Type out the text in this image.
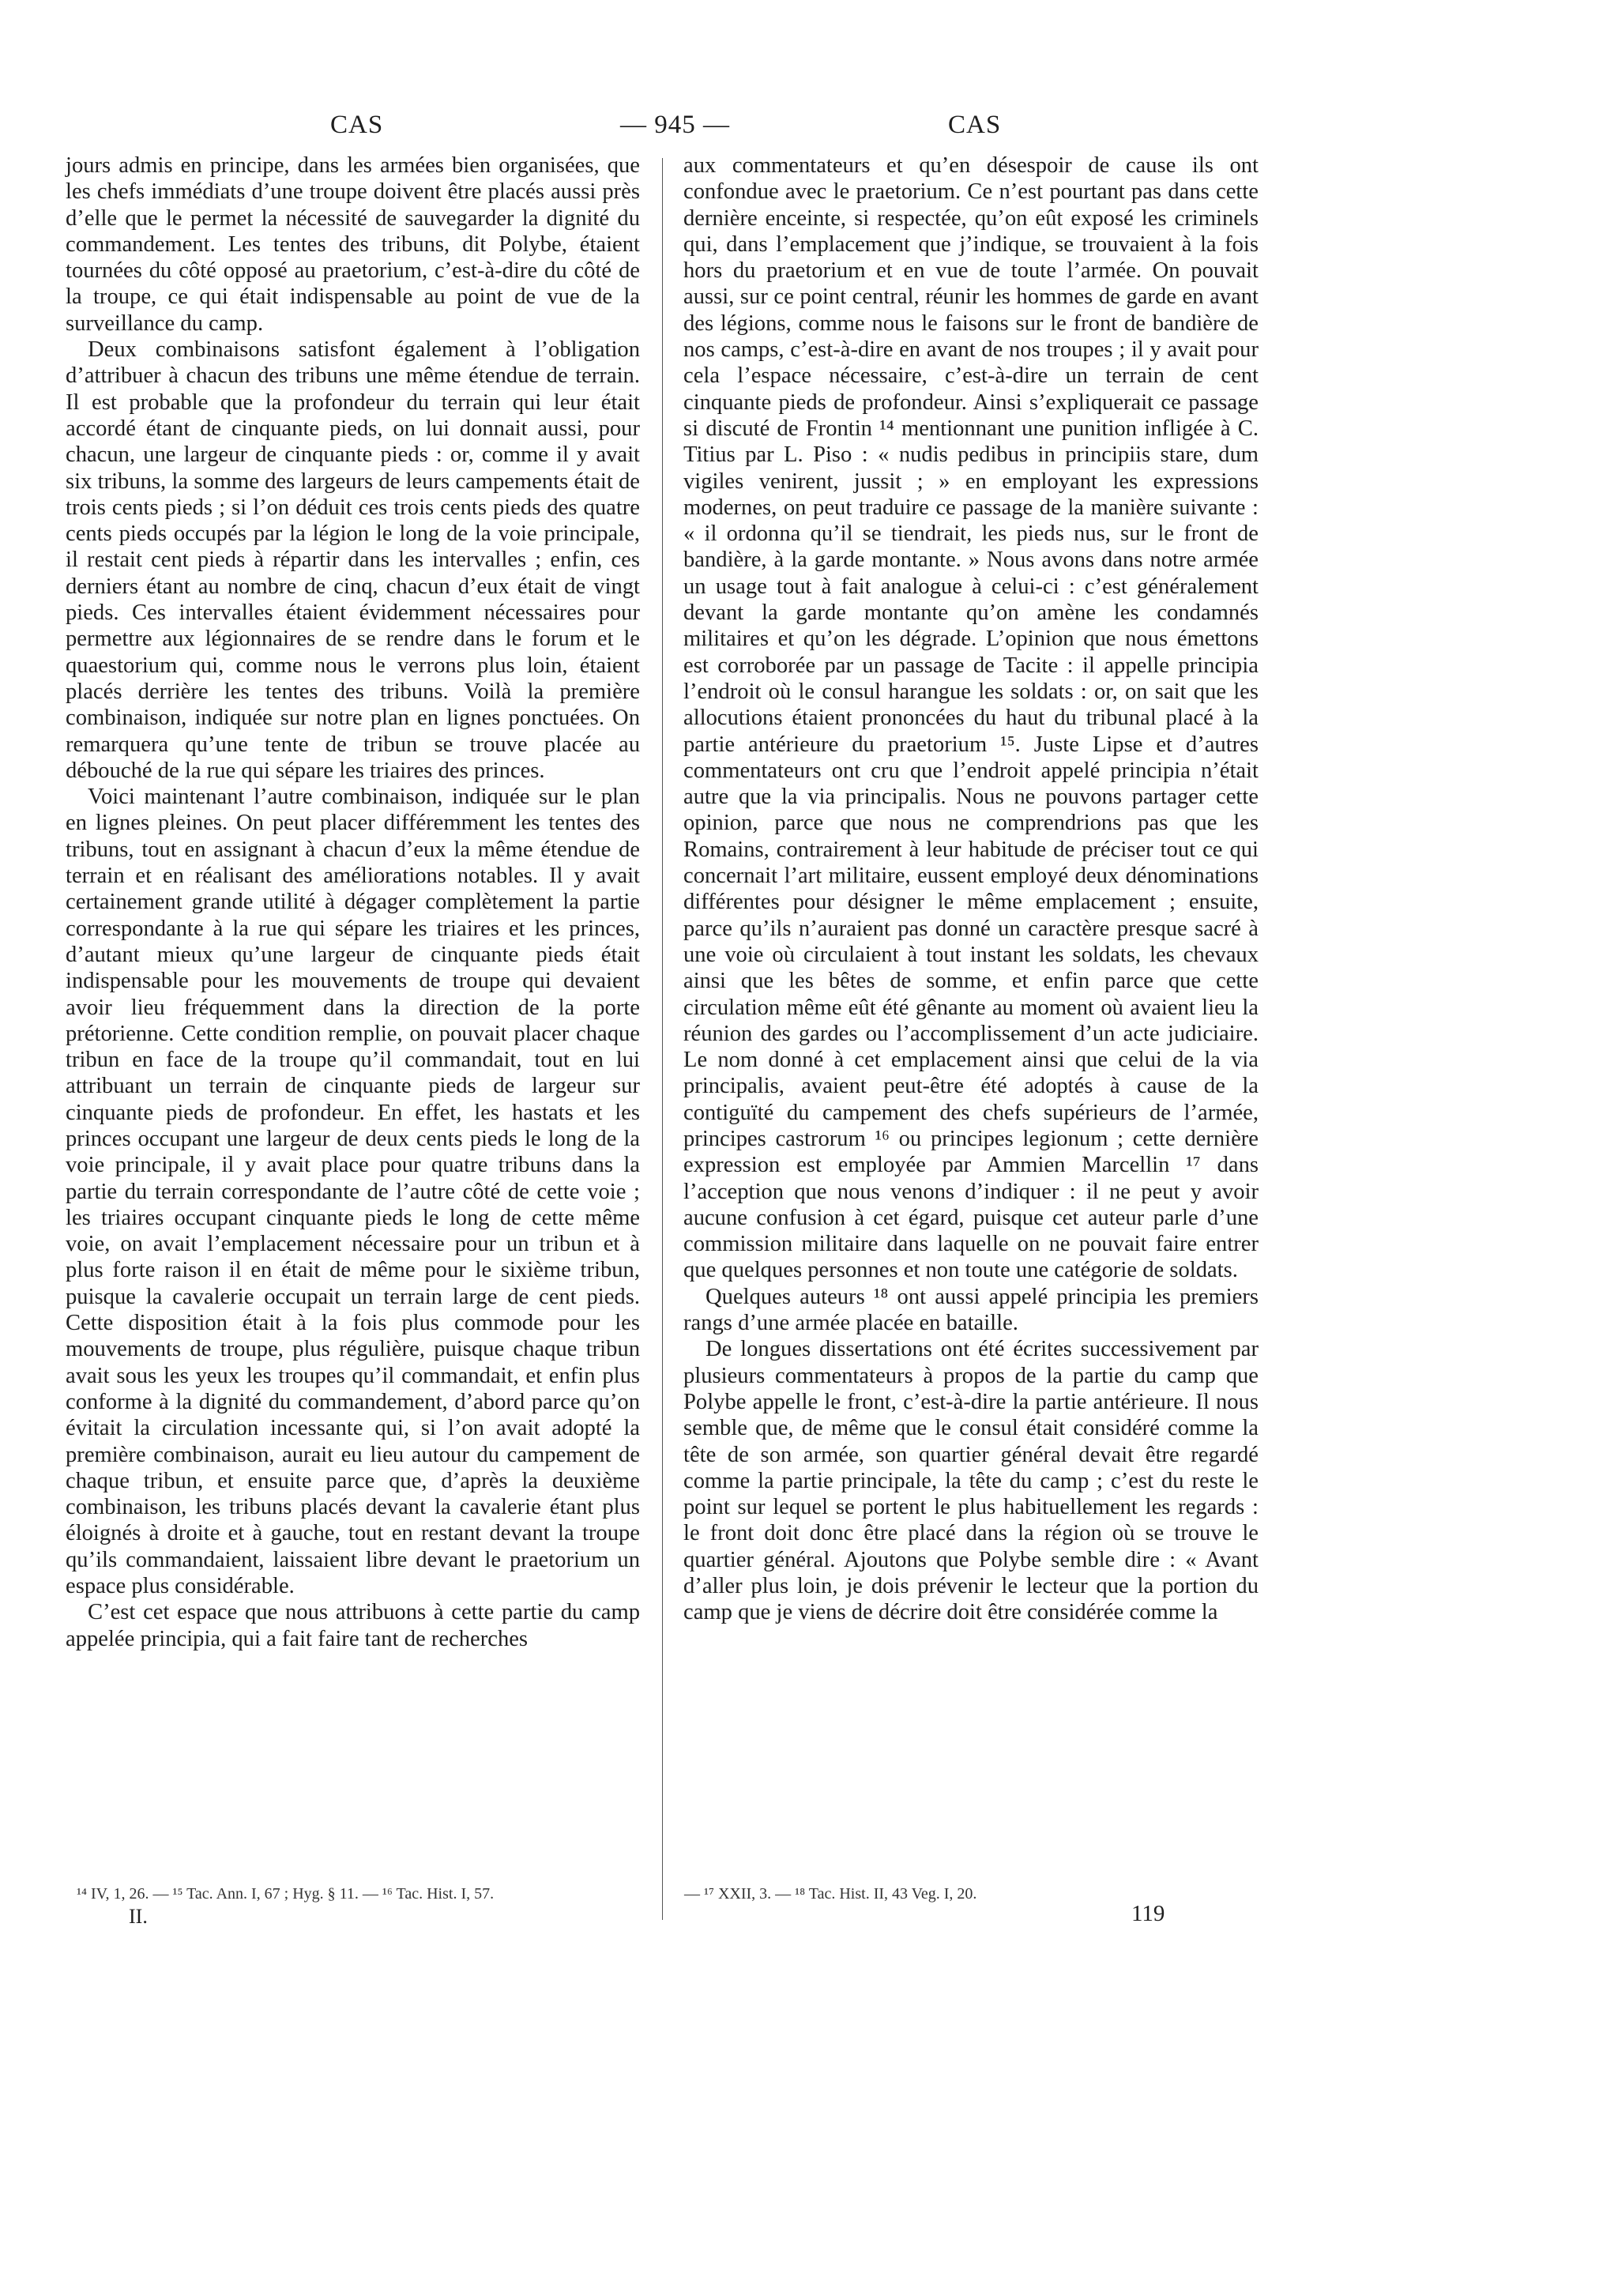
CAS	— 945 —	CAS

jours admis en principe, dans les armées bien organisées, que les chefs immédiats d’une troupe doivent être placés aussi près d’elle que le permet la nécessité de sauvegarder la dignité du commandement. Les tentes des tribuns, dit Polybe, étaient tournées du côté opposé au praetorium, c’est-à-dire du côté de la troupe, ce qui était indispensable au point de vue de la surveillance du camp.

Deux combinaisons satisfont également à l’obligation d’attribuer à chacun des tribuns une même étendue de terrain. Il est probable que la profondeur du terrain qui leur était accordé étant de cinquante pieds, on lui donnait aussi, pour chacun, une largeur de cinquante pieds : or, comme il y avait six tribuns, la somme des largeurs de leurs campements était de trois cents pieds ; si l’on déduit ces trois cents pieds des quatre cents pieds occupés par la légion le long de la voie principale, il restait cent pieds à répartir dans les intervalles ; enfin, ces derniers étant au nombre de cinq, chacun d’eux était de vingt pieds. Ces intervalles étaient évidemment nécessaires pour permettre aux légionnaires de se rendre dans le forum et le quaestorium qui, comme nous le verrons plus loin, étaient placés derrière les tentes des tribuns. Voilà la première combinaison, indiquée sur notre plan en lignes ponctuées. On remarquera qu’une tente de tribun se trouve placée au débouché de la rue qui sépare les triaires des princes.

Voici maintenant l’autre combinaison, indiquée sur le plan en lignes pleines. On peut placer différemment les tentes des tribuns, tout en assignant à chacun d’eux la même étendue de terrain et en réalisant des améliorations notables. Il y avait certainement grande utilité à dégager complètement la partie correspondante à la rue qui sépare les triaires et les princes, d’autant mieux qu’une largeur de cinquante pieds était indispensable pour les mouvements de troupe qui devaient avoir lieu fréquemment dans la direction de la porte prétorienne. Cette condition remplie, on pouvait placer chaque tribun en face de la troupe qu’il commandait, tout en lui attribuant un terrain de cinquante pieds de largeur sur cinquante pieds de profondeur. En effet, les hastats et les princes occupant une largeur de deux cents pieds le long de la voie principale, il y avait place pour quatre tribuns dans la partie du terrain correspondante de l’autre côté de cette voie ; les triaires occupant cinquante pieds le long de cette même voie, on avait l’emplacement nécessaire pour un tribun et à plus forte raison il en était de même pour le sixième tribun, puisque la cavalerie occupait un terrain large de cent pieds. Cette disposition était à la fois plus commode pour les mouvements de troupe, plus régulière, puisque chaque tribun avait sous les yeux les troupes qu’il commandait, et enfin plus conforme à la dignité du commandement, d’abord parce qu’on évitait la circulation incessante qui, si l’on avait adopté la première combinaison, aurait eu lieu autour du campement de chaque tribun, et ensuite parce que, d’après la deuxième combinaison, les tribuns placés devant la cavalerie étant plus éloignés à droite et à gauche, tout en restant devant la troupe qu’ils commandaient, laissaient libre devant le praetorium un espace plus considérable.

C’est cet espace que nous attribuons à cette partie du camp appelée principia, qui a fait faire tant de recherches

aux commentateurs et qu’en désespoir de cause ils ont confondue avec le praetorium. Ce n’est pourtant pas dans cette dernière enceinte, si respectée, qu’on eût exposé les criminels qui, dans l’emplacement que j’indique, se trouvaient à la fois hors du praetorium et en vue de toute l’armée. On pouvait aussi, sur ce point central, réunir les hommes de garde en avant des légions, comme nous le faisons sur le front de bandière de nos camps, c’est-à-dire en avant de nos troupes ; il y avait pour cela l’espace nécessaire, c’est-à-dire un terrain de cent cinquante pieds de profondeur. Ainsi s’expliquerait ce passage si discuté de Frontin ¹⁴ mentionnant une punition infligée à C. Titius par L. Piso : « nudis pedibus in principiis stare, dum vigiles venirent, jussit ; » en employant les expressions modernes, on peut traduire ce passage de la manière suivante : « il ordonna qu’il se tiendrait, les pieds nus, sur le front de bandière, à la garde montante. » Nous avons dans notre armée un usage tout à fait analogue à celui-ci : c’est généralement devant la garde montante qu’on amène les condamnés militaires et qu’on les dégrade. L’opinion que nous émettons est corroborée par un passage de Tacite : il appelle principia l’endroit où le consul harangue les soldats : or, on sait que les allocutions étaient prononcées du haut du tribunal placé à la partie antérieure du praetorium ¹⁵. Juste Lipse et d’autres commentateurs ont cru que l’endroit appelé principia n’était autre que la via principalis. Nous ne pouvons partager cette opinion, parce que nous ne comprendrions pas que les Romains, contrairement à leur habitude de préciser tout ce qui concernait l’art militaire, eussent employé deux dénominations différentes pour désigner le même emplacement ; ensuite, parce qu’ils n’auraient pas donné un caractère presque sacré à une voie où circulaient à tout instant les soldats, les chevaux ainsi que les bêtes de somme, et enfin parce que cette circulation même eût été gênante au moment où avaient lieu la réunion des gardes ou l’accomplissement d’un acte judiciaire. Le nom donné à cet emplacement ainsi que celui de la via principalis, avaient peut-être été adoptés à cause de la contiguïté du campement des chefs supérieurs de l’armée, principes castrorum ¹⁶ ou principes legionum ; cette dernière expression est employée par Ammien Marcellin ¹⁷ dans l’acception que nous venons d’indiquer : il ne peut y avoir aucune confusion à cet égard, puisque cet auteur parle d’une commission militaire dans laquelle on ne pouvait faire entrer que quelques personnes et non toute une catégorie de soldats.

Quelques auteurs ¹⁸ ont aussi appelé principia les premiers rangs d’une armée placée en bataille.

De longues dissertations ont été écrites successivement par plusieurs commentateurs à propos de la partie du camp que Polybe appelle le front, c’est-à-dire la partie antérieure. Il nous semble que, de même que le consul était considéré comme la tête de son armée, son quartier général devait être regardé comme la partie principale, la tête du camp ; c’est du reste le point sur lequel se portent le plus habituellement les regards : le front doit donc être placé dans la région où se trouve le quartier général. Ajoutons que Polybe semble dire : « Avant d’aller plus loin, je dois prévenir le lecteur que la portion du camp que je viens de décrire doit être considérée comme la

¹⁴ IV, 1, 26. — ¹⁵ Tac. Ann. I, 67 ; Hyg. § 11. — ¹⁶ Tac. Hist. I, 57.	— ¹⁷ XXII, 3. — ¹⁸ Tac. Hist. II, 43 Veg. I, 20.
II.	119
